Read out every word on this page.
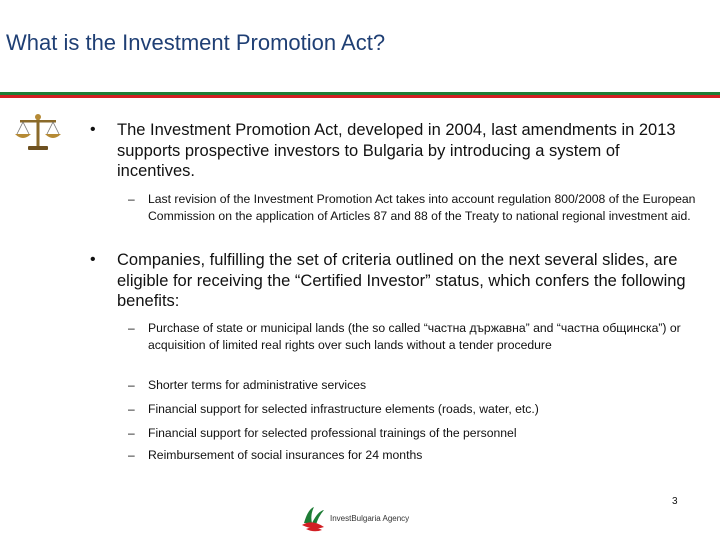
What is the Investment Promotion Act?
• The Investment Promotion Act, developed in 2004, last amendments in 2013 supports prospective investors to Bulgaria by introducing a system of incentives.
– Last revision of the Investment Promotion Act takes into account regulation 800/2008 of the European Commission on the application of Articles 87 and 88 of the Treaty to national regional investment aid.
• Companies, fulfilling the set of criteria outlined on the next several slides, are eligible for receiving the “Certified Investor” status, which confers the following benefits:
– Purchase of state or municipal lands (the so called “частна държавна” and “частна общинска”) or acquisition of limited real rights over such lands without a tender procedure
– Shorter terms for administrative services
– Financial support for selected infrastructure elements (roads, water, etc.)
– Financial support for selected professional trainings of the personnel
– Reimbursement of social insurances for 24 months
3
InvestBulgaria Agency
